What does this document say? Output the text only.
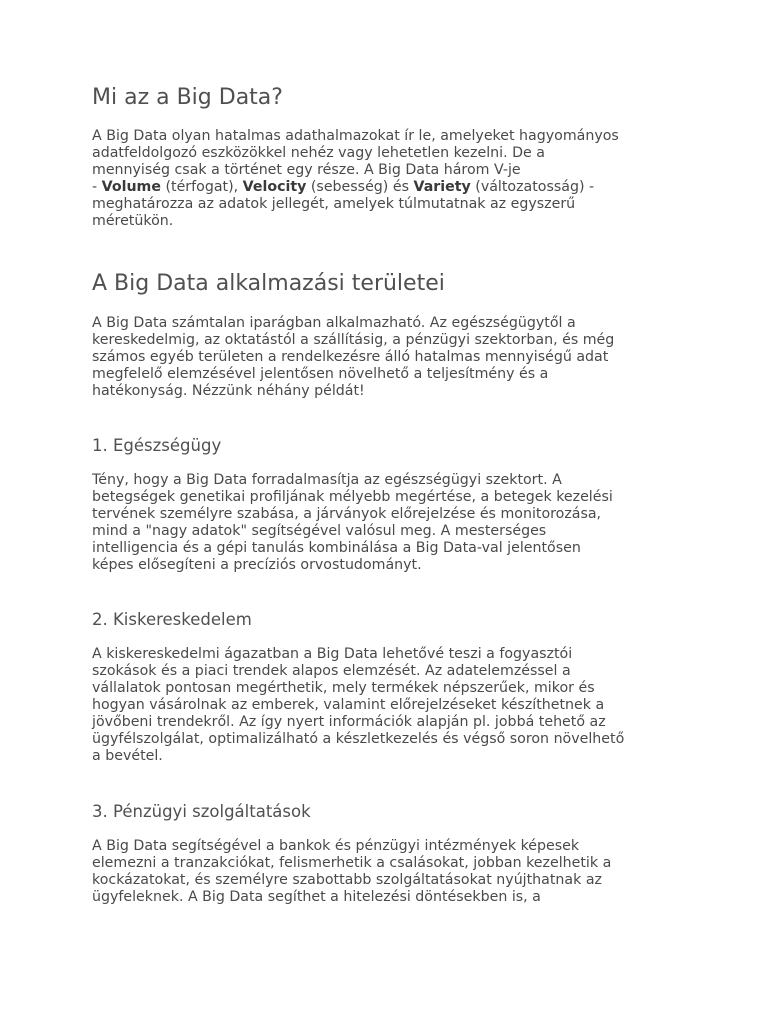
Mi az a Big Data?
A Big Data olyan hatalmas adathalmazokat ír le, amelyeket hagyományos
adatfeldolgozó eszközökkel nehéz vagy lehetetlen kezelni. De a
mennyiség csak a történet egy része. A Big Data három V-je
- Volume (térfogat), Velocity (sebesség) és Variety (változatosság) -
meghatározza az adatok jellegét, amelyek túlmutatnak az egyszerű
méretükön.
A Big Data alkalmazási területei
A Big Data számtalan iparágban alkalmazható. Az egészségügytől a
kereskedelmig, az oktatástól a szállításig, a pénzügyi szektorban, és még
számos egyéb területen a rendelkezésre álló hatalmas mennyiségű adat
megfelelő elemzésével jelentősen növelhető a teljesítmény és a
hatékonyság. Nézzünk néhány példát!
1. Egészségügy
Tény, hogy a Big Data forradalmasítja az egészségügyi szektort. A
betegségek genetikai profiljának mélyebb megértése, a betegek kezelési
tervének személyre szabása, a járványok előrejelzése és monitorozása,
mind a "nagy adatok" segítségével valósul meg. A mesterséges
intelligencia és a gépi tanulás kombinálása a Big Data-val jelentősen
képes elősegíteni a precíziós orvostudományt.
2. Kiskereskedelem
A kiskereskedelmi ágazatban a Big Data lehetővé teszi a fogyasztói
szokások és a piaci trendek alapos elemzését. Az adatelemzéssel a
vállalatok pontosan megérthetik, mely termékek népszerűek, mikor és
hogyan vásárolnak az emberek, valamint előrejelzéseket készíthetnek a
jövőbeni trendekről. Az így nyert információk alapján pl. jobbá tehető az
ügyfélszolgálat, optimalizálható a készletkezelés és végső soron növelhető
a bevétel.
3. Pénzügyi szolgáltatások
A Big Data segítségével a bankok és pénzügyi intézmények képesek
elemezni a tranzakciókat, felismerhetik a csalásokat, jobban kezelhetik a
kockázatokat, és személyre szabottabb szolgáltatásokat nyújthatnak az
ügyfeleknek. A Big Data segíthet a hitelezési döntésekben is, a
